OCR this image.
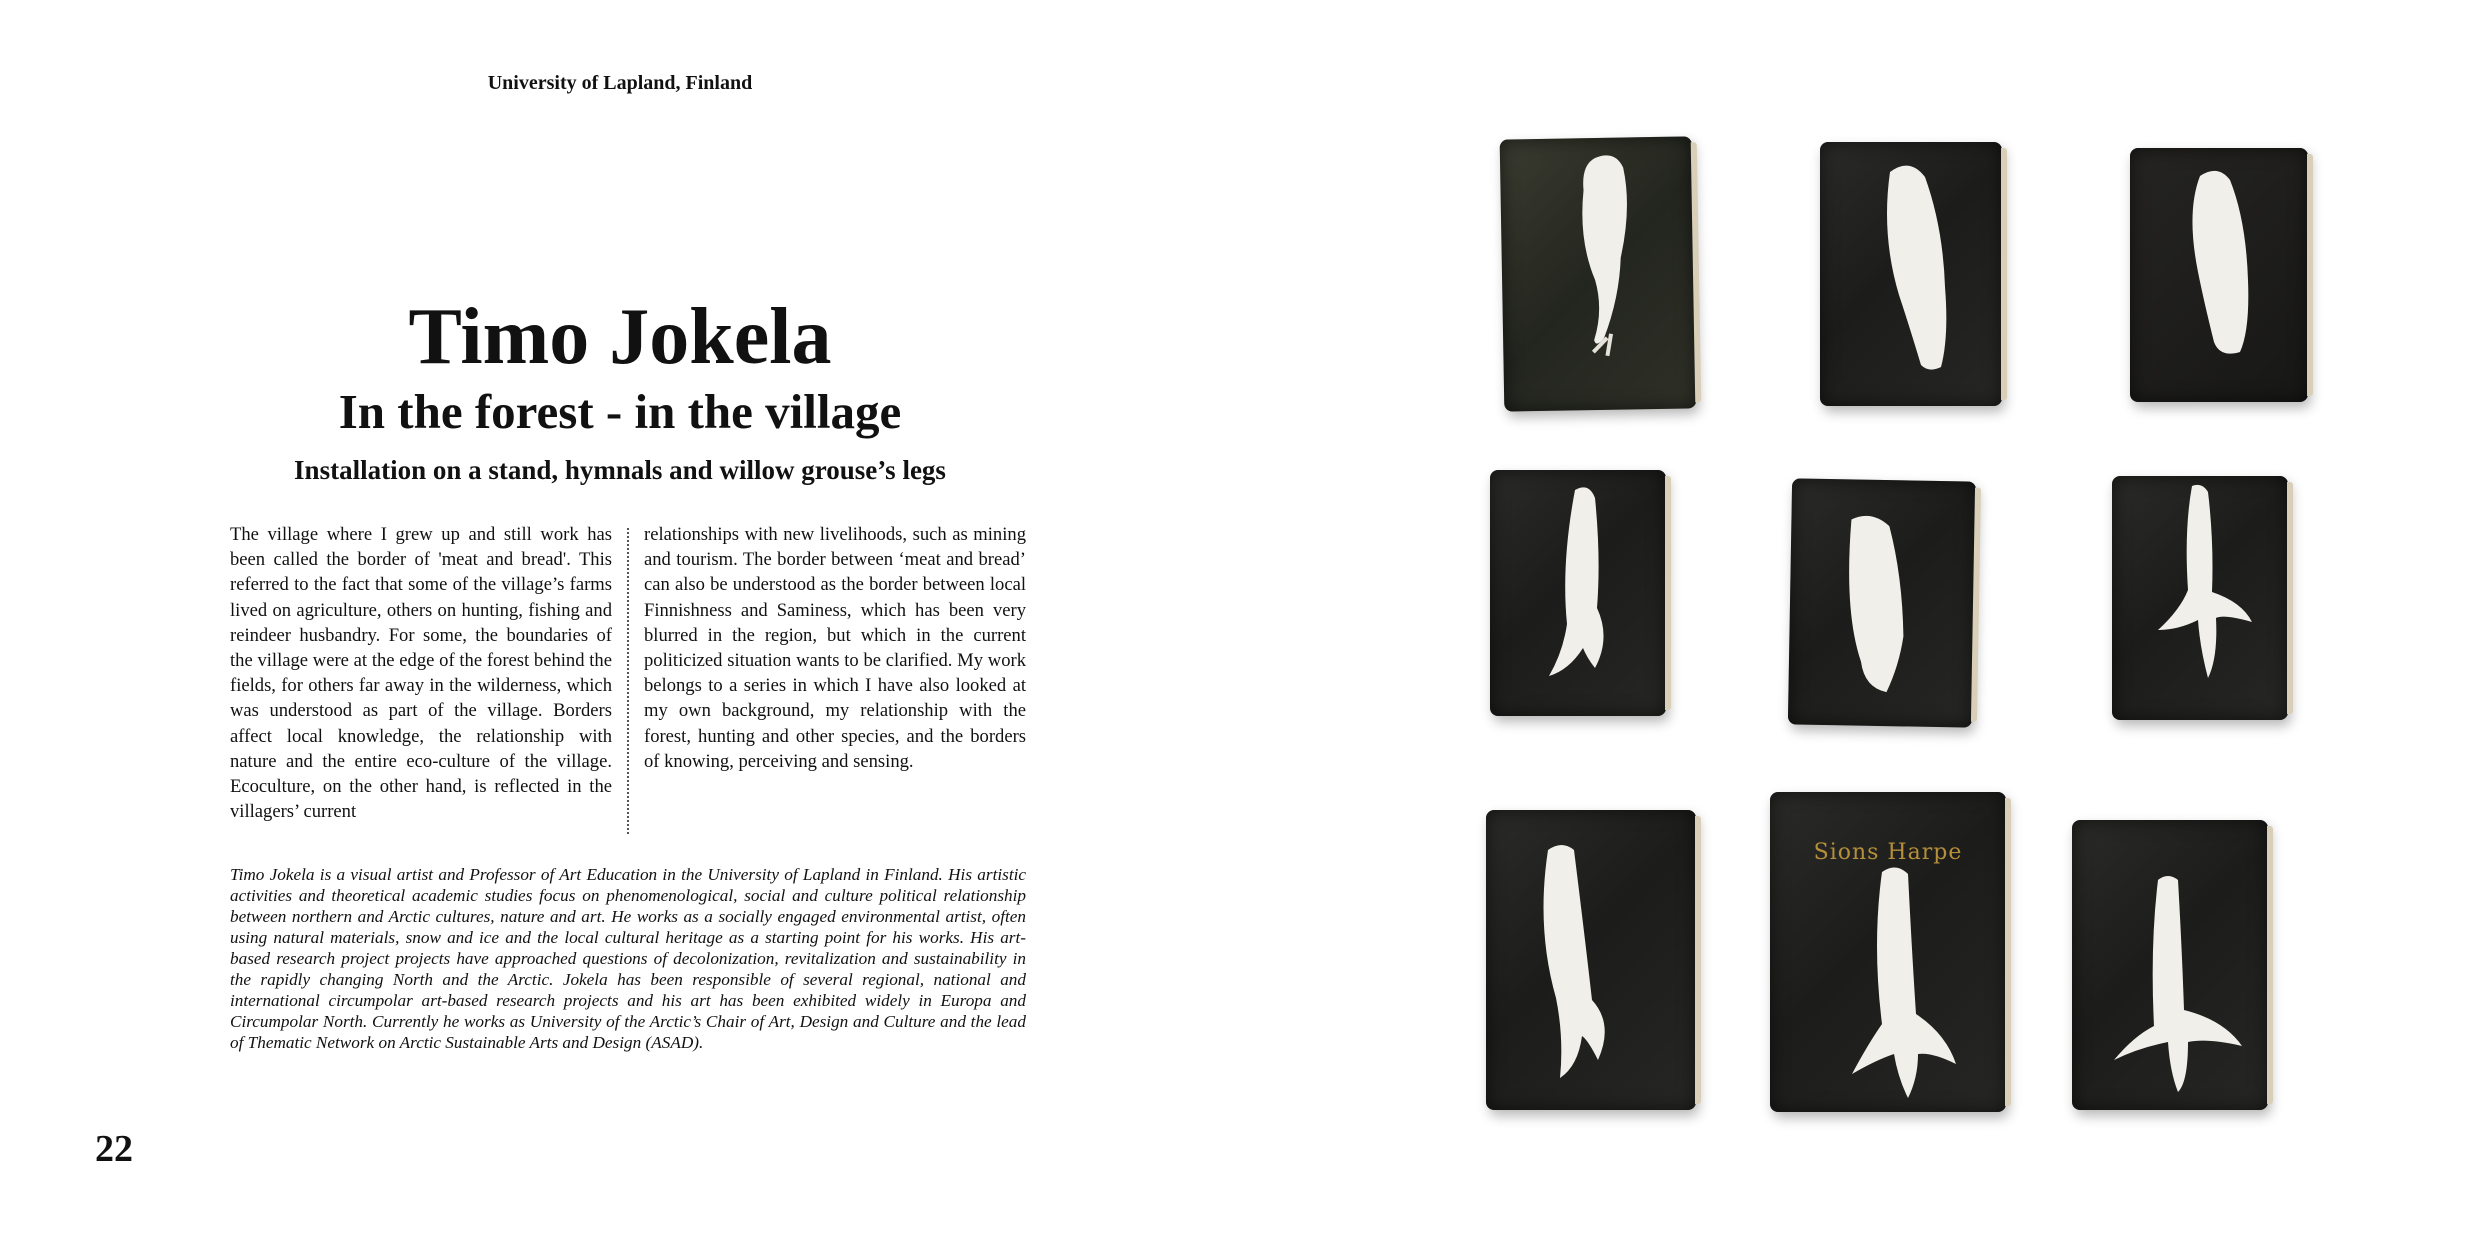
University of Lapland, Finland
Timo Jokela
In the forest - in the village
Installation on a stand, hymnals and willow grouse’s legs

The village where I grew up and still work has been called the border of 'meat and bread'. This referred to the fact that some of the village’s farms lived on agriculture, others on hunting, fishing and reindeer husbandry. For some, the boundaries of the village were at the edge of the forest behind the fields, for others far away in the wilderness, which was understood as part of the village. Borders affect local knowledge, the relationship with nature and the entire eco-culture of the village. Ecoculture, on the other hand, is reflected in the villagers’ current

relationships with new livelihoods, such as mining and tourism. The border between ‘meat and bread’ can also be understood as the border between local Finnishness and Saminess, which has been very blurred in the region, but which in the current politicized situation wants to be clarified. My work belongs to a series in which I have also looked at my own background, my relationship with the forest, hunting and other species, and the borders of knowing, perceiving and sensing.

Timo Jokela is a visual artist and Professor of Art Education in the University of Lapland in Finland. His artistic activities and theoretical academic studies focus on phenomenological, social and culture political relationship between northern and Arctic cultures, nature and art. He works as a socially engaged environmental artist, often using natural materials, snow and ice and the local cultural heritage as a starting point for his works. His art-based research project projects have approached questions of decolonization, revitalization and sustainability in the rapidly changing North and the Arctic. Jokela has been responsible of several regional, national and international circumpolar art-based research projects and his art has been exhibited widely in Europa and Circumpolar North. Currently he works as University of the Arctic’s Chair of Art, Design and Culture and the lead of Thematic Network on Arctic Sustainable Arts and Design (ASAD).

22
Sions Harpe
